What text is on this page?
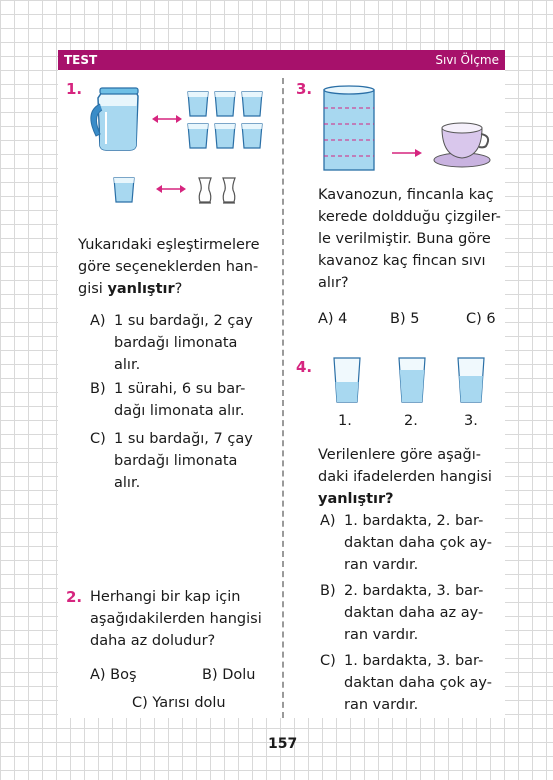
TEST	Sıvı Ölçme
1.
Yukarıdaki eşleştirmelere
göre seçeneklerden han-
gisi yanlıştır?
A) 1 su bardağı, 2 çay
bardağı limonata
alır.
B) 1 sürahi, 6 su bar-
dağı limonata alır.
C) 1 su bardağı, 7 çay
bardağı limonata
alır.
2. Herhangi bir kap için
aşağıdakilerden hangisi
daha az doludur?
A) Boş	B) Dolu
C) Yarısı dolu
3.
Kavanozun, fincanla kaç
kerede doldduğu çizgiler-
le verilmiştir. Buna göre
kavanoz kaç fincan sıvı
alır?
A) 4	B) 5	C) 6
4.
1.	2.	3.
Verilenlere göre aşağı-
daki ifadelerden hangisi
yanlıştır?
A) 1. bardakta, 2. bar-
daktan daha çok ay-
ran vardır.
B) 2. bardakta, 3. bar-
daktan daha az ay-
ran vardır.
C) 1. bardakta, 3. bar-
daktan daha çok ay-
ran vardır.
157
